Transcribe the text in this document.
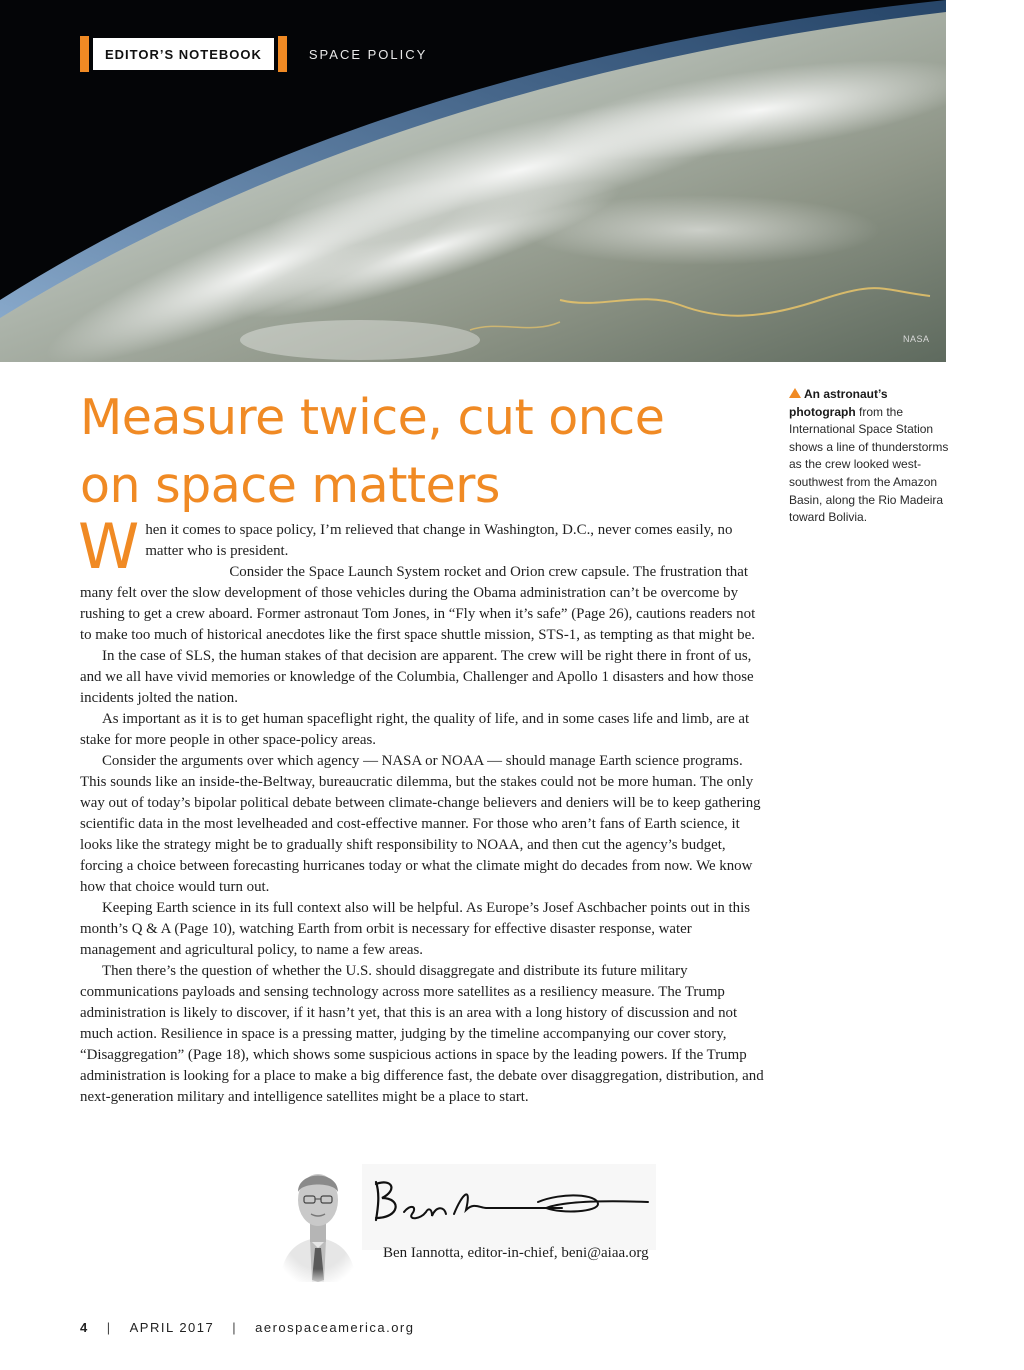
EDITOR’S NOTEBOOK	SPACE POLICY
NASA
Measure twice, cut once
on space matters
An astronaut’s photograph from the International Space Station shows a line of thunderstorms as the crew looked west-southwest from the Amazon Basin, along the Rio Madeira toward Bolivia.

When it comes to space policy, I’m relieved that change in Washington, D.C., never comes easily, no matter who is president.

Consider the Space Launch System rocket and Orion crew capsule. The frustration that many felt over the slow development of those vehicles during the Obama administration can’t be overcome by rushing to get a crew aboard. Former astronaut Tom Jones, in “Fly when it’s safe” (Page 26), cautions readers not to make too much of historical anecdotes like the first space shuttle mission, STS-1, as tempting as that might be.

In the case of SLS, the human stakes of that decision are apparent. The crew will be right there in front of us, and we all have vivid memories or knowledge of the Columbia, Challenger and Apollo 1 disasters and how those incidents jolted the nation.

As important as it is to get human spaceflight right, the quality of life, and in some cases life and limb, are at stake for more people in other space-policy areas.

Consider the arguments over which agency — NASA or NOAA — should manage Earth science programs. This sounds like an inside-the-Beltway, bureaucratic dilemma, but the stakes could not be more human. The only way out of today’s bipolar political debate between climate-change believers and deniers will be to keep gathering scientific data in the most levelheaded and cost-effective manner. For those who aren’t fans of Earth science, it looks like the strategy might be to gradually shift responsibility to NOAA, and then cut the agency’s budget, forcing a choice between forecasting hurricanes today or what the climate might do decades from now. We know how that choice would turn out.

Keeping Earth science in its full context also will be helpful. As Europe’s Josef Aschbacher points out in this month’s Q & A (Page 10), watching Earth from orbit is necessary for effective disaster response, water management and agricultural policy, to name a few areas.

Then there’s the question of whether the U.S. should disaggregate and distribute its future military communications payloads and sensing technology across more satellites as a resiliency measure. The Trump administration is likely to discover, if it hasn’t yet, that this is an area with a long history of discussion and not much action. Resilience in space is a pressing matter, judging by the timeline accompanying our cover story, “Disaggregation” (Page 18), which shows some suspicious actions in space by the leading powers. If the Trump administration is looking for a place to make a big difference fast, the debate over disaggregation, distribution, and next-generation military and intelligence satellites might be a place to start.

Ben Iannotta, editor-in-chief, beni@aiaa.org
4 | APRIL 2017 | aerospaceamerica.org
